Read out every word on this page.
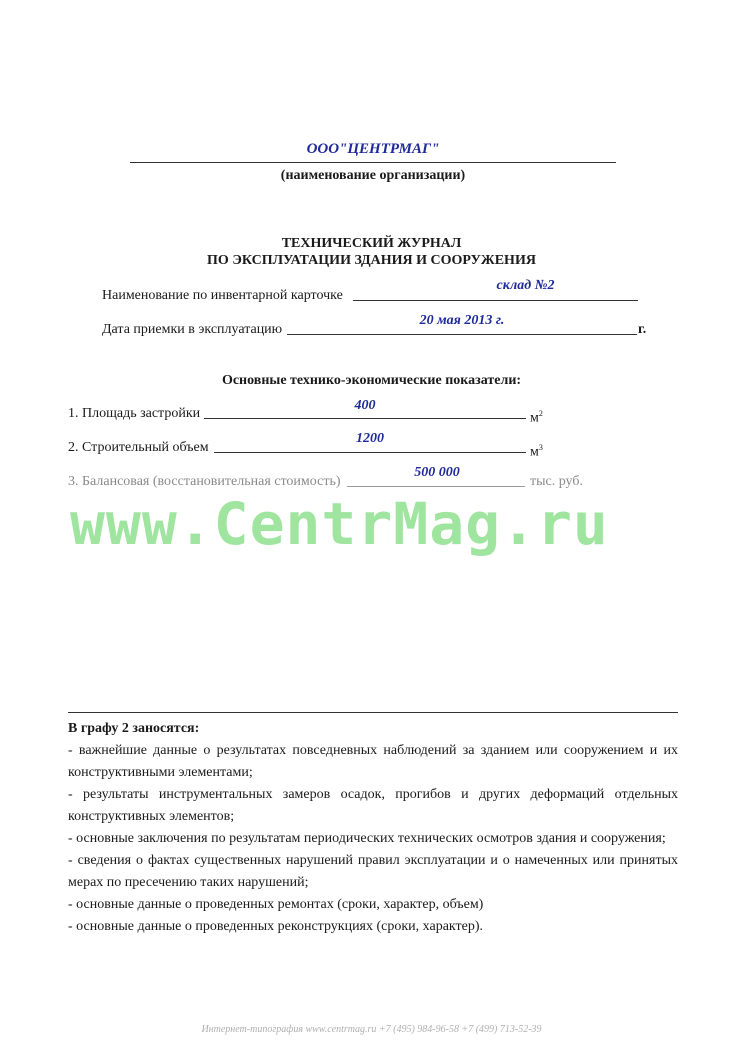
ООО"ЦЕНТРМАГ"
(наименование организации)
ТЕХНИЧЕСКИЙ ЖУРНАЛ
ПО ЭКСПЛУАТАЦИИ ЗДАНИЯ И СООРУЖЕНИЯ
Наименование по инвентарной карточке
склад №2
Дата приемки в эксплуатацию
20 мая 2013 г.
г.
Основные технико-экономические показатели:
1. Площадь застройки
400
$м^2$
2. Строительный объем
1200
$м^3$
3. Балансовая (восстановительная стоимость)
500 000
тыс. руб.
www.CentrMag.ru

В графу 2 заносятся:

- важнейшие данные о результатах повседневных наблюдений за зданием или сооружением и их конструктивными элементами;

- результаты инструментальных замеров осадок, прогибов и других деформаций отдельных конструктивных элементов;

- основные заключения по результатам периодических технических осмотров здания и сооружения;

- сведения о фактах существенных нарушений правил эксплуатации и о намеченных или принятых мерах по пресечению таких нарушений;

- основные данные о проведенных ремонтах (сроки, характер, объем)

- основные данные о проведенных реконструкциях (сроки, характер).

Интернет-типография www.centrmag.ru +7 (495) 984-96-58 +7 (499) 713-52-39
